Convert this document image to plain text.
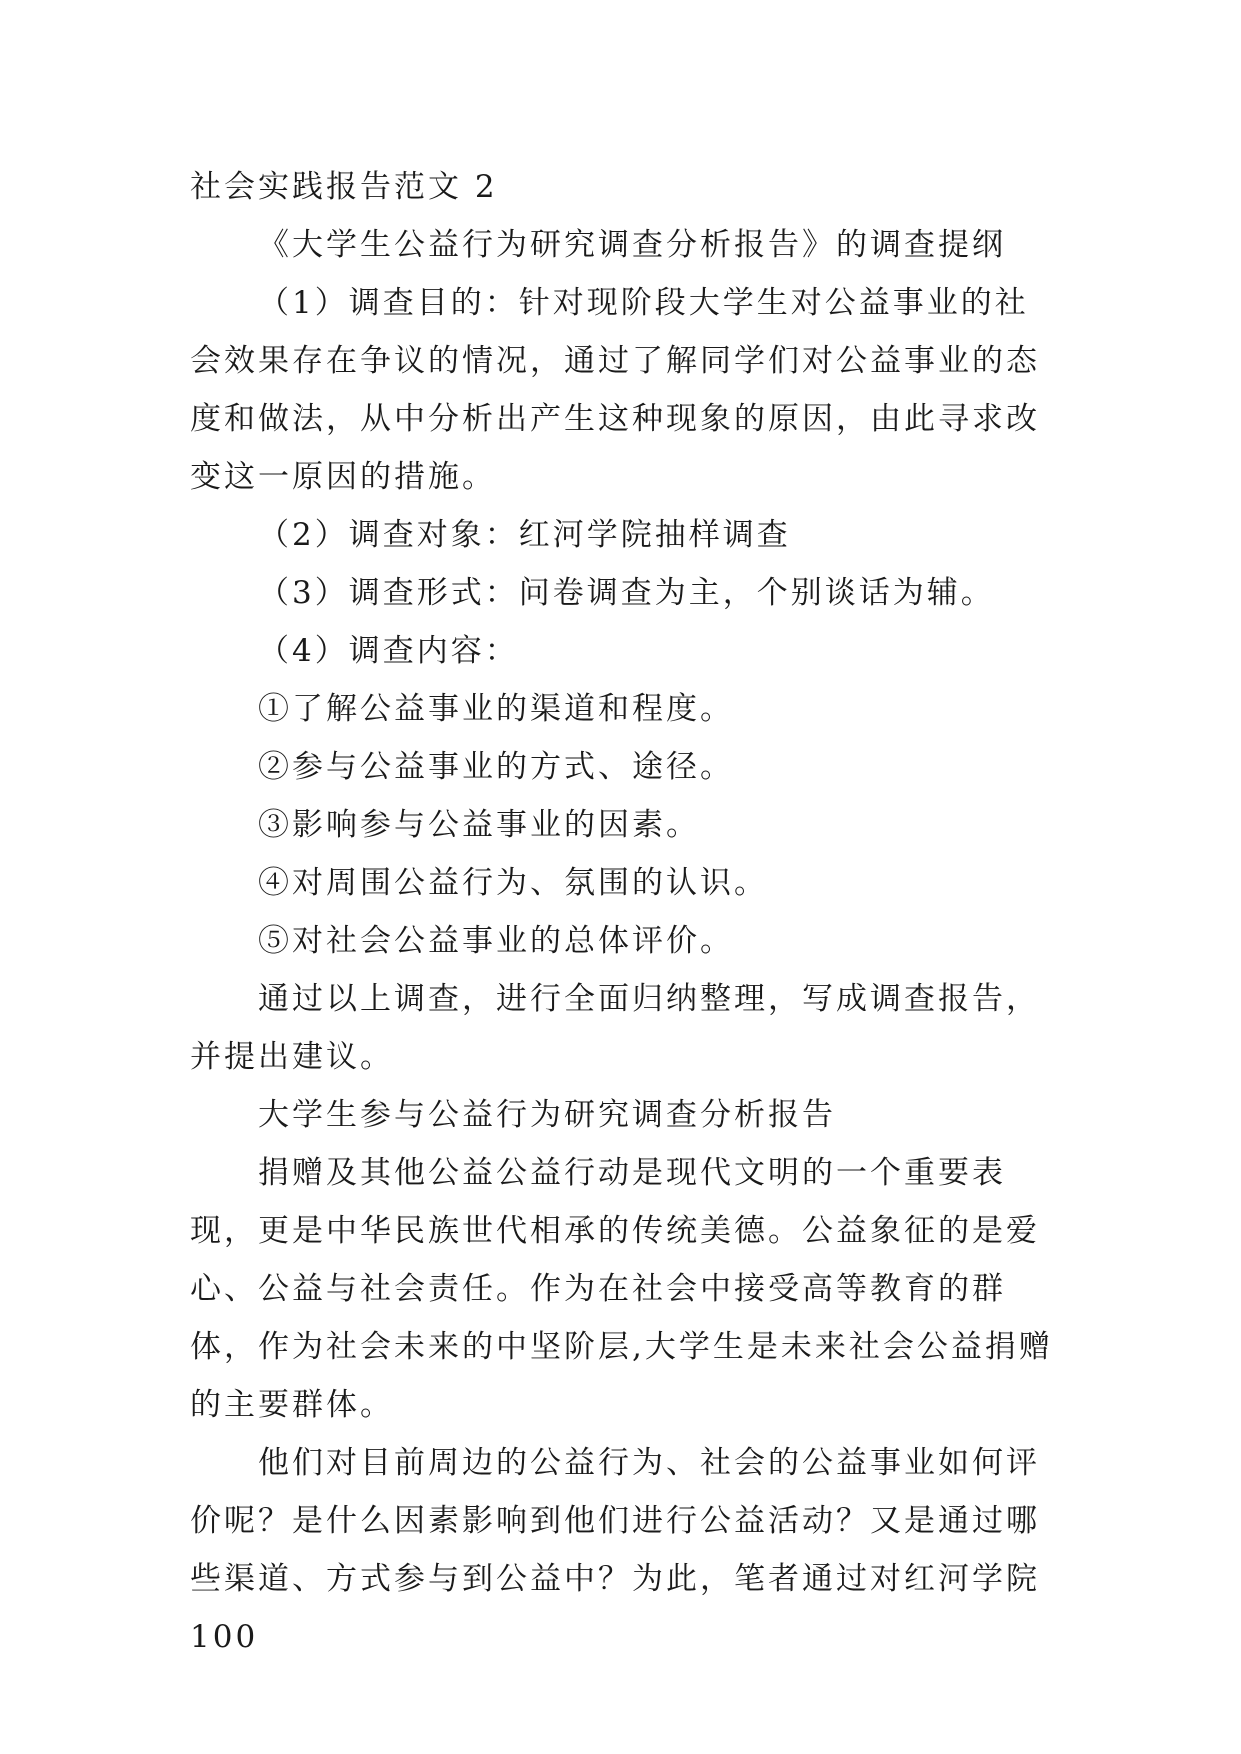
社会实践报告范文 2

《大学生公益行为研究调查分析报告》的调查提纲

（1）调查目的：针对现阶段大学生对公益事业的社会效果存在争议的情况，通过了解同学们对公益事业的态度和做法，从中分析出产生这种现象的原因，由此寻求改变这一原因的措施。

（2）调查对象：红河学院抽样调查

（3）调查形式：问卷调查为主，个别谈话为辅。

（4）调查内容：

①了解公益事业的渠道和程度。

②参与公益事业的方式、途径。

③影响参与公益事业的因素。

④对周围公益行为、氛围的认识。

⑤对社会公益事业的总体评价。

通过以上调查，进行全面归纳整理，写成调查报告，并提出建议。

大学生参与公益行为研究调查分析报告

捐赠及其他公益公益行动是现代文明的一个重要表现，更是中华民族世代相承的传统美德。公益象征的是爱心、公益与社会责任。作为在社会中接受高等教育的群体，作为社会未来的中坚阶层,大学生是未来社会公益捐赠的主要群体。

他们对目前周边的公益行为、社会的公益事业如何评价呢？是什么因素影响到他们进行公益活动？又是通过哪些渠道、方式参与到公益中？为此，笔者通过对红河学院 100
